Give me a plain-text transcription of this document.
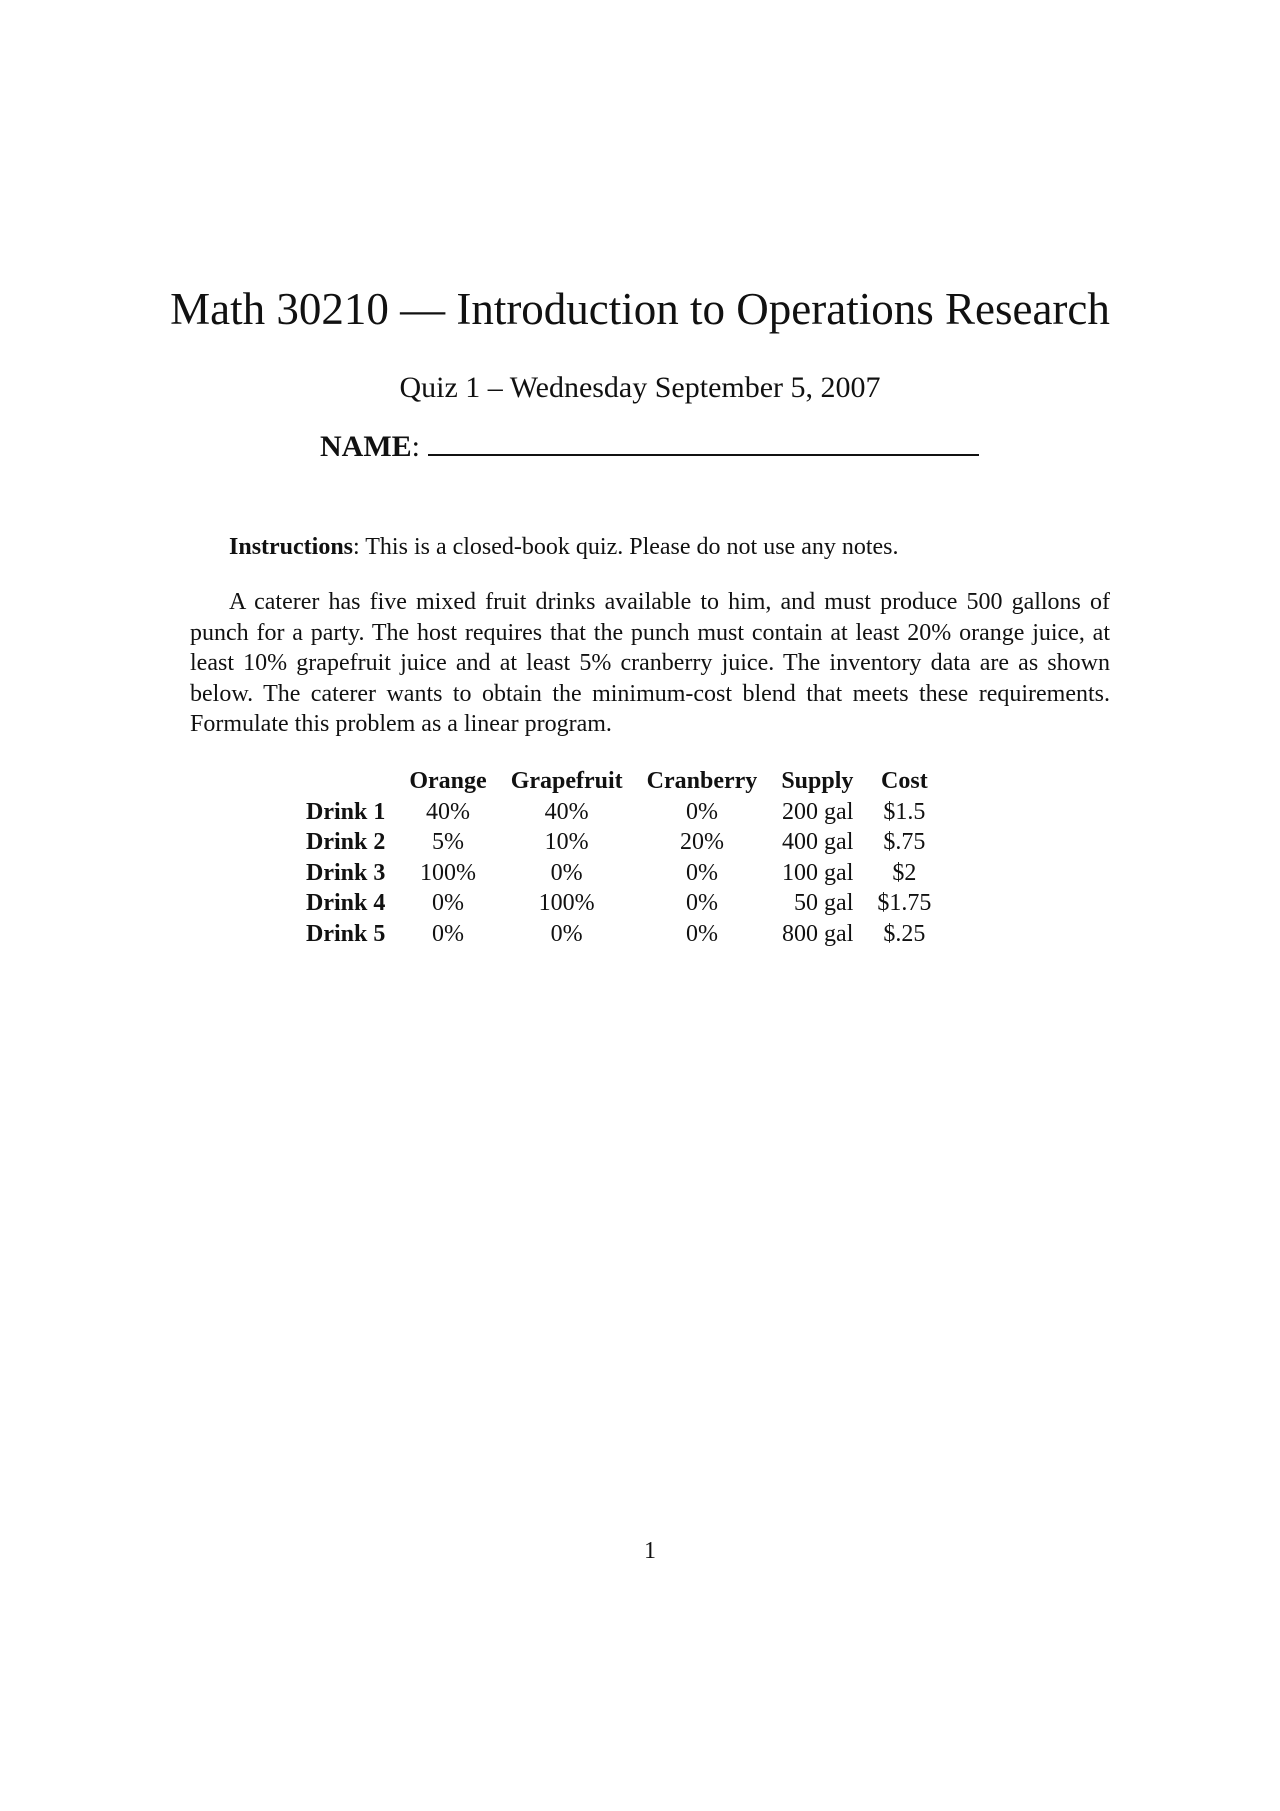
Math 30210 — Introduction to Operations Research
Quiz 1 – Wednesday September 5, 2007
NAME:
Instructions: This is a closed-book quiz. Please do not use any notes.

A caterer has five mixed fruit drinks available to him, and must produce 500 gallons of punch for a party. The host requires that the punch must contain at least 20% orange juice, at least 10% grapefruit juice and at least 5% cranberry juice. The inventory data are as shown below. The caterer wants to obtain the minimum-cost blend that meets these requirements. Formulate this problem as a linear program.

	Orange	Grapefruit	Cranberry	Supply	Cost
Drink 1	40%	40%	0%	200 gal	$1.5
Drink 2	5%	10%	20%	400 gal	$.75
Drink 3	100%	0%	0%	100 gal	$2
Drink 4	0%	100%	0%	50 gal	$1.75
Drink 5	0%	0%	0%	800 gal	$.25
1
